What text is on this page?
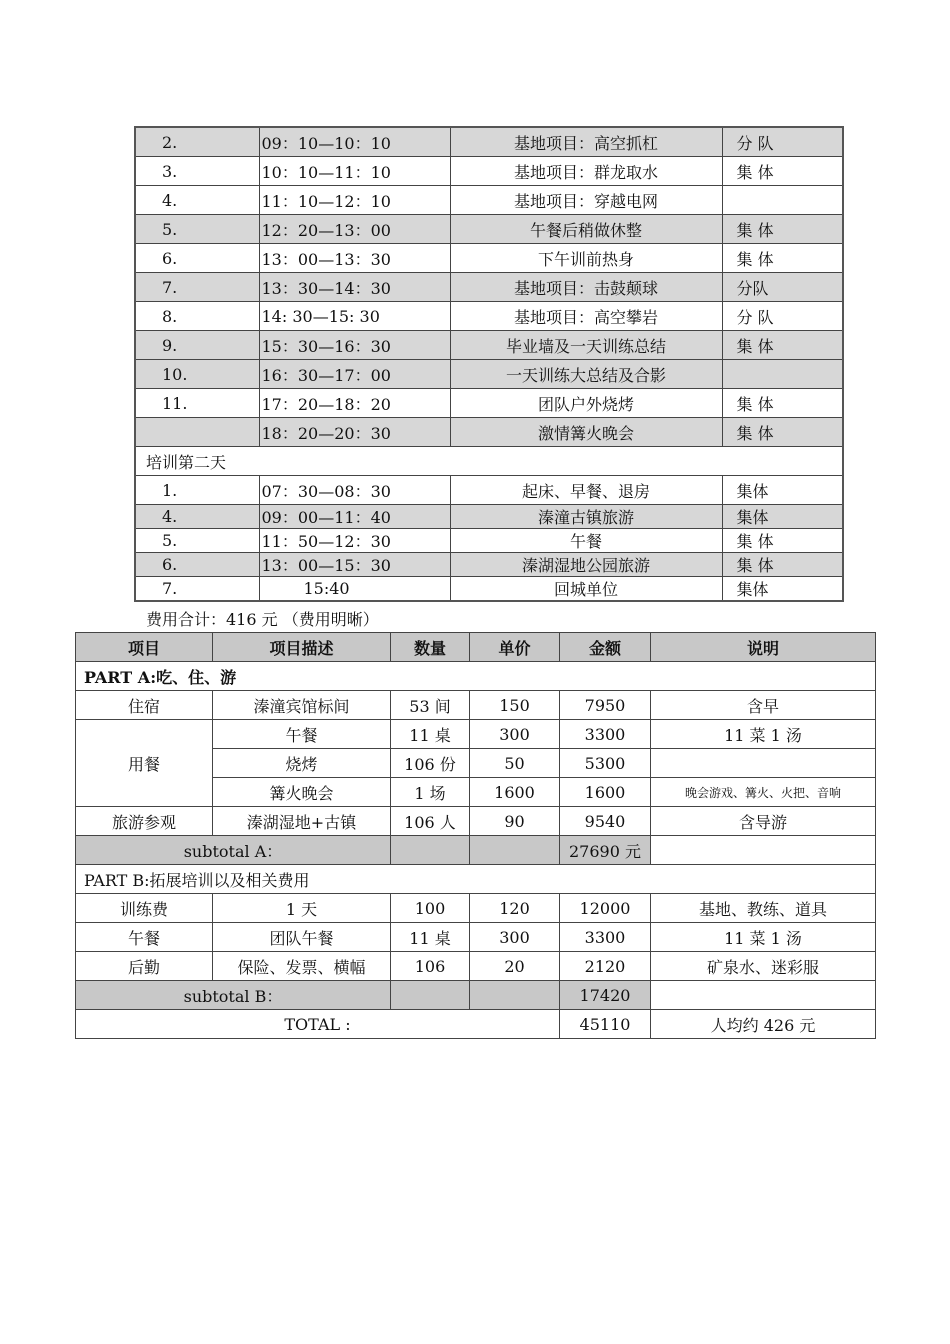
2.	09：10—10：10	基地项目：高空抓杠	分 队
3.	10：10—11：10	基地项目：群龙取水	集 体
4.	11：10—12：10	基地项目：穿越电网	
5.	12：20—13：00	午餐后稍做休整	集 体
6.	13：00—13：30	下午训前热身	集 体
7.	13：30—14：30	基地项目：击鼓颠球	分队
8.	14: 30—15: 30	基地项目：高空攀岩	分 队
9.	15：30—16：30	毕业墙及一天训练总结	集 体
10.	16：30—17：00	一天训练大总结及合影	
11.	17：20—18：20	团队户外烧烤	集 体
	18：20—20：30	激情篝火晚会	集 体
培训第二天			
1.	07：30—08：30	起床、早餐、退房	集体
4.	09：00—11：40	溱潼古镇旅游	集体
5.	11：50—12：30	午餐	集 体
6.	13：00—15：30	溱湖湿地公园旅游	集 体
7.	15:40	回城单位	集体
费用合计：416 元 （费用明晰）
项目	项目描述	数量	单价	金额	说明
PART A:吃、住、游					
住宿	溱潼宾馆标间	53 间	150	7950	含早
用餐	午餐	11 桌	300	3300	11 菜 1 汤
	烧烤	106 份	50	5300	
	篝火晚会	1 场	1600	1600	晚会游戏、篝火、火把、音响
旅游参观	溱湖湿地+古镇	106 人	90	9540	含导游
subtotal A：				27690 元	
PART B:拓展培训以及相关费用					
训练费	1 天	100	120	12000	基地、教练、道具
午餐	团队午餐	11 桌	300	3300	11 菜 1 汤
后勤	保险、发票、横幅	106	20	2120	矿泉水、迷彩服
subtotal B：				17420	
TOTAL :				45110	人均约 426 元
